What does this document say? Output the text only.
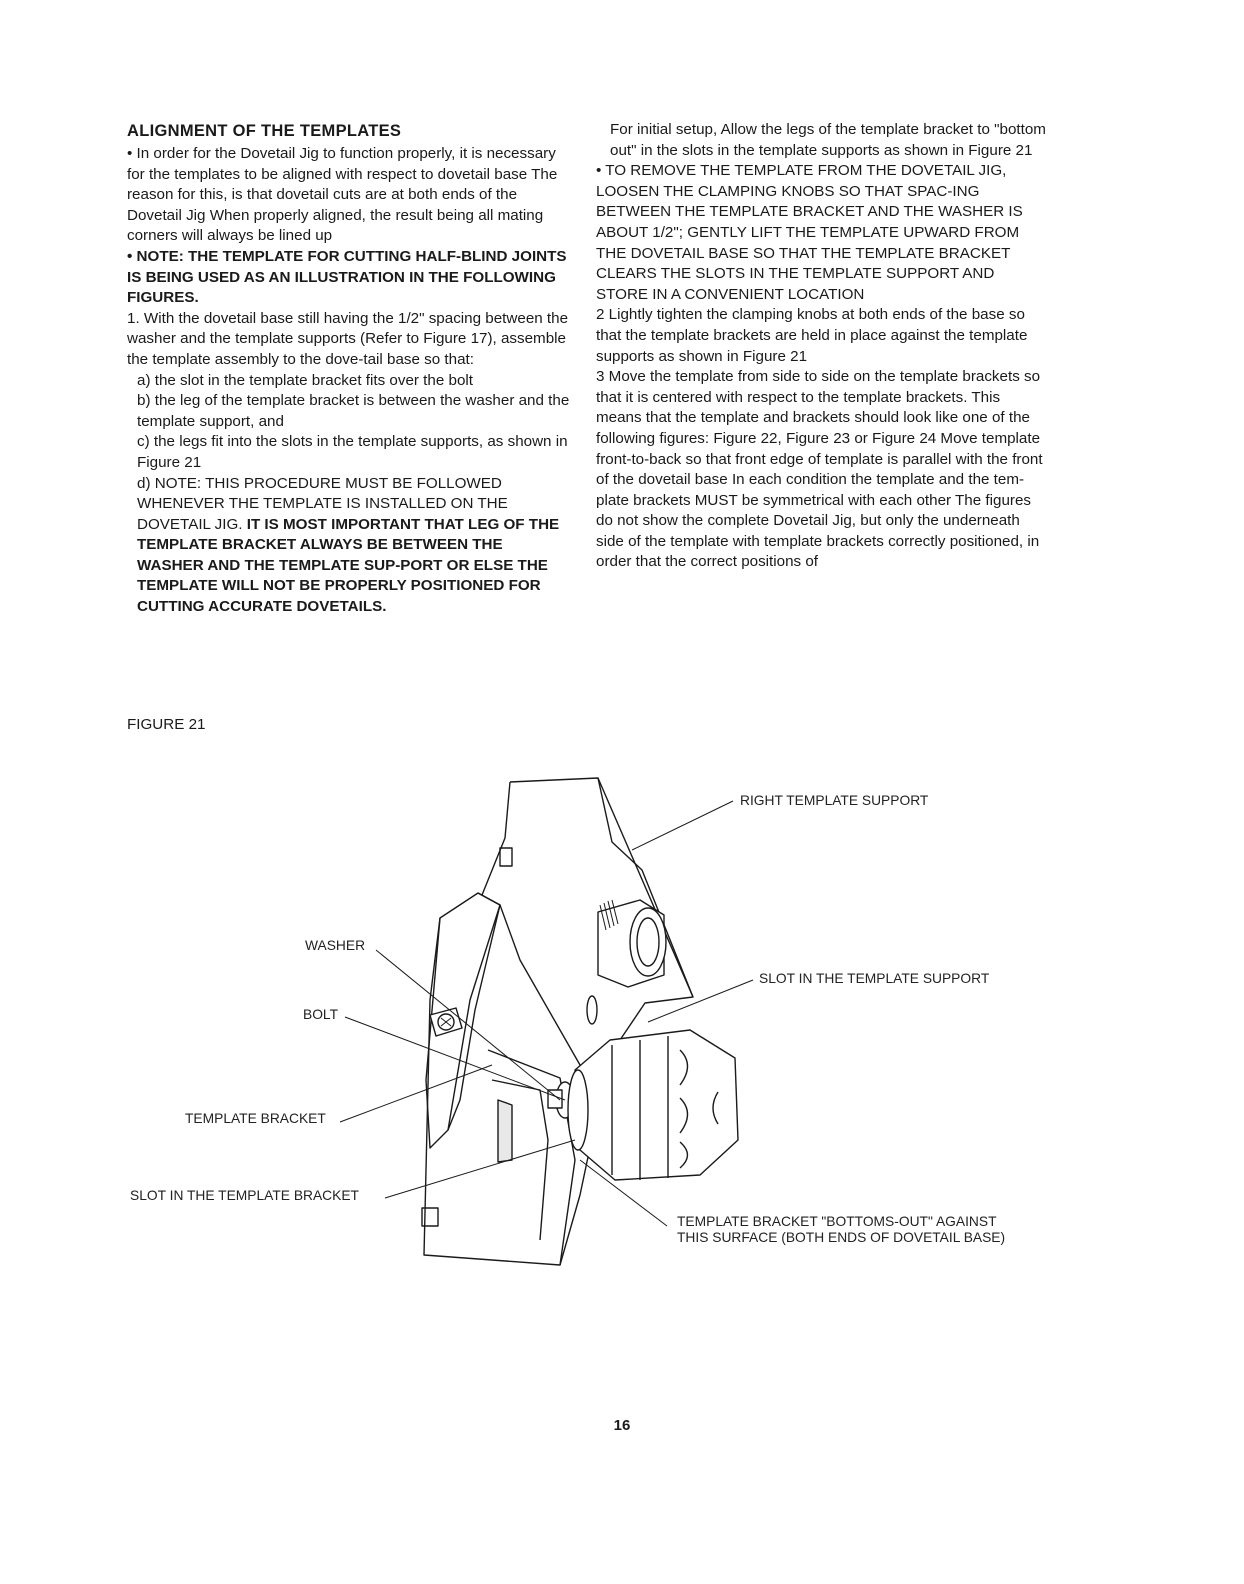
ALIGNMENT OF THE TEMPLATES

• In order for the Dovetail Jig to function properly, it is necessary for the templates to be aligned with respect to dovetail base The reason for this, is that dovetail cuts are at both ends of the Dovetail Jig When properly aligned, the result being all mating corners will always be lined up

• NOTE: THE TEMPLATE FOR CUTTING HALF-BLIND JOINTS IS BEING USED AS AN ILLUSTRATION IN THE FOLLOWING FIGURES.

1. With the dovetail base still having the 1/2" spacing between the washer and the template supports (Refer to Figure 17), assemble the template assembly to the dove-tail base so that:

a) the slot in the template bracket fits over the bolt

b) the leg of the template bracket is between the washer and the template support, and

c) the legs fit into the slots in the template supports, as shown in Figure 21

d) NOTE: THIS PROCEDURE MUST BE FOLLOWED WHENEVER THE TEMPLATE IS INSTALLED ON THE DOVETAIL JIG. IT IS MOST IMPORTANT THAT LEG OF THE TEMPLATE BRACKET ALWAYS BE BETWEEN THE WASHER AND THE TEMPLATE SUP-PORT OR ELSE THE TEMPLATE WILL NOT BE PROPERLY POSITIONED FOR CUTTING ACCURATE DOVETAILS.

For initial setup, Allow the legs of the template bracket to "bottom out" in the slots in the template supports as shown in Figure 21

• TO REMOVE THE TEMPLATE FROM THE DOVETAIL JIG, LOOSEN THE CLAMPING KNOBS SO THAT SPAC-ING BETWEEN THE TEMPLATE BRACKET AND THE WASHER IS ABOUT 1/2"; GENTLY LIFT THE TEMPLATE UPWARD FROM THE DOVETAIL BASE SO THAT THE TEMPLATE BRACKET CLEARS THE SLOTS IN THE TEMPLATE SUPPORT AND STORE IN A CONVENIENT LOCATION

2 Lightly tighten the clamping knobs at both ends of the base so that the template brackets are held in place against the template supports as shown in Figure 21

3 Move the template from side to side on the template brackets so that it is centered with respect to the template brackets. This means that the template and brackets should look like one of the following figures: Figure 22, Figure 23 or Figure 24 Move template front-to-back so that front edge of template is parallel with the front of the dovetail base In each condition the template and the tem-plate brackets MUST be symmetrical with each other The figures do not show the complete Dovetail Jig, but only the underneath side of the template with template brackets correctly positioned, in order that the correct positions of

FIGURE 21
RIGHT TEMPLATE SUPPORT
SLOT IN THE TEMPLATE SUPPORT
WASHER
BOLT
TEMPLATE BRACKET
SLOT IN THE TEMPLATE BRACKET
TEMPLATE BRACKET "BOTTOMS-OUT" AGAINST
THIS SURFACE (BOTH ENDS OF DOVETAIL BASE)
16
